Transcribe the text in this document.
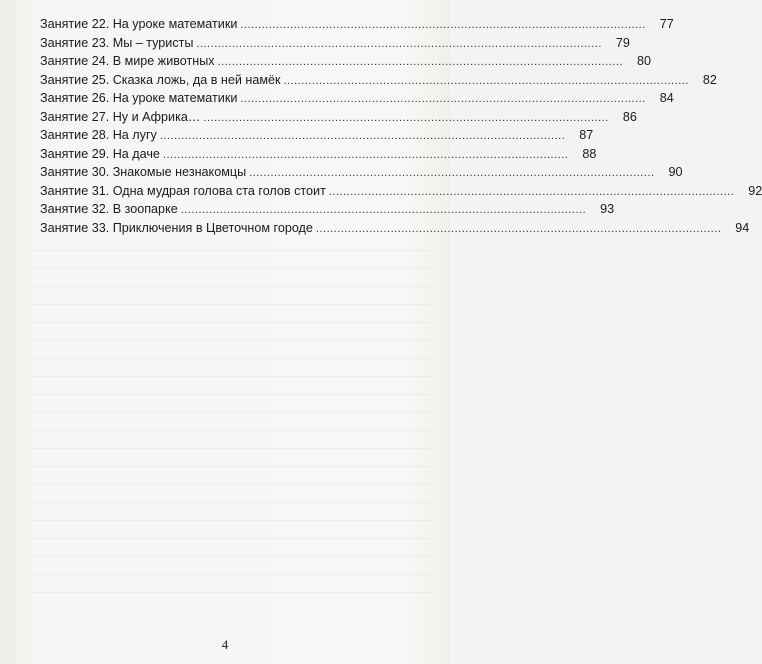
Занятие 22. На уроке математики ..................................................................................................................	77
Занятие 23. Мы – туристы ..................................................................................................................	79
Занятие 24. В мире животных ..................................................................................................................	80
Занятие 25. Сказка ложь, да в ней намёк ..................................................................................................................	82
Занятие 26. На уроке математики ..................................................................................................................	84
Занятие 27. Ну и Африка… ..................................................................................................................	86
Занятие 28. На лугу ..................................................................................................................	87
Занятие 29. На даче ..................................................................................................................	88
Занятие 30. Знакомые незнакомцы ..................................................................................................................	90
Занятие 31. Одна мудрая голова ста голов стоит ..................................................................................................................	92
Занятие 32. В зоопарке ..................................................................................................................	93
Занятие 33. Приключения в Цветочном городе ..................................................................................................................	94
4
